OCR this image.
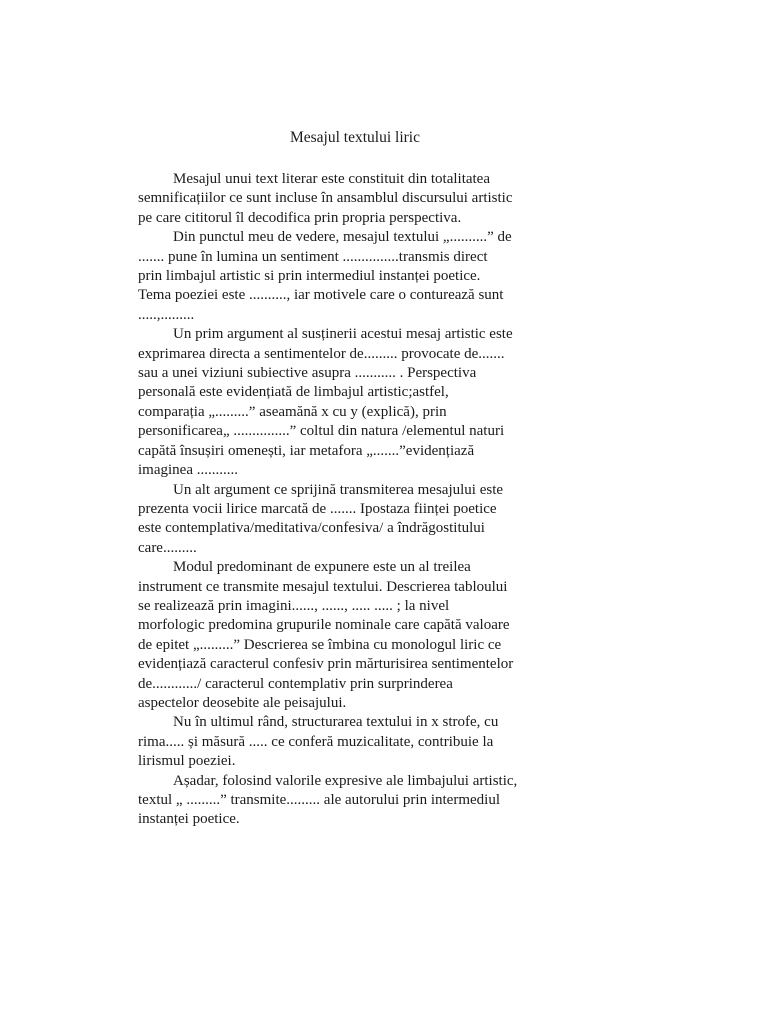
Mesajul textului liric
Mesajul unui text literar este constituit din totalitatea
semnificațiilor ce sunt incluse în ansamblul discursului artistic
pe care cititorul îl decodifica prin propria perspectiva.
Din punctul meu de vedere, mesajul textului „..........” de
....... pune în lumina un sentiment ...............transmis direct
prin limbajul artistic si prin intermediul instanței poetice.
Tema poeziei este .........., iar motivele care o conturează sunt
.....,.........
Un prim argument al susținerii acestui mesaj artistic este
exprimarea directa a sentimentelor de......... provocate de.......
sau a unei viziuni subiective asupra ........... . Perspectiva
personală este evidențiată de limbajul artistic;astfel,
comparația „.........” aseamănă x cu y (explică), prin
personificarea„ ...............” coltul din natura /elementul naturi
capătă însușiri omenești, iar metafora „.......”evidențiază
imaginea ...........
Un alt argument ce sprijină transmiterea mesajului este
prezenta vocii lirice marcată de ....... Ipostaza ființei poetice
este contemplativa/meditativa/confesiva/ a îndrăgostitului
care.........
Modul predominant de expunere este un al treilea
instrument ce transmite mesajul textului. Descrierea tabloului
se realizează prin imagini......, ......, ..... ..... ; la nivel
morfologic predomina grupurile nominale care capătă valoare
de epitet „.........” Descrierea se îmbina cu monologul liric ce
evidențiază caracterul confesiv prin mărturisirea sentimentelor
de............/ caracterul contemplativ prin surprinderea
aspectelor deosebite ale peisajului.
Nu în ultimul rând, structurarea textului in x strofe, cu
rima..... și măsură ..... ce conferă muzicalitate, contribuie la
lirismul poeziei.
Așadar, folosind valorile expresive ale limbajului artistic,
textul „ .........” transmite......... ale autorului prin intermediul
instanței poetice.
